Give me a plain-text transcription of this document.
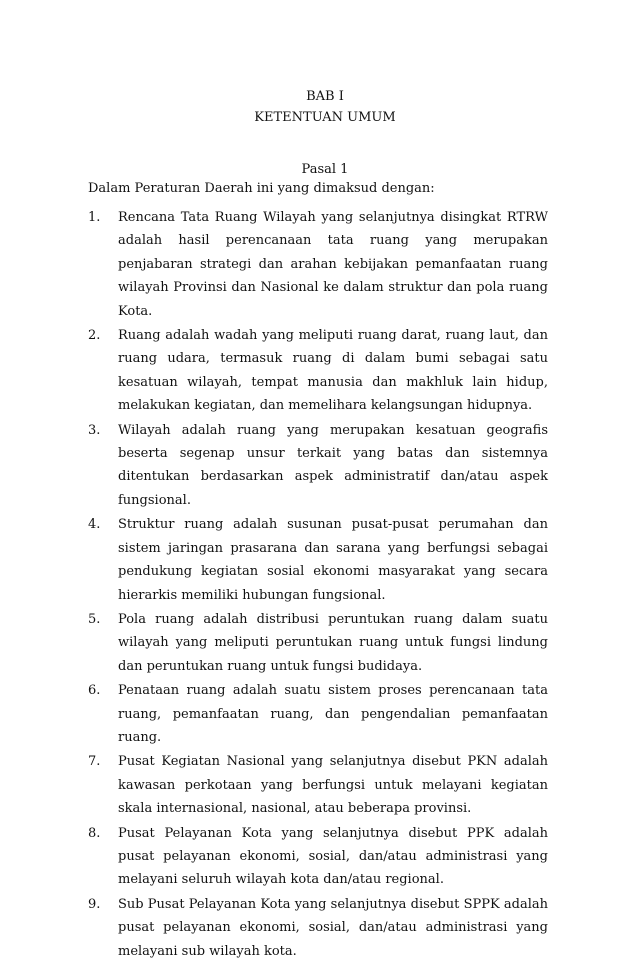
BAB I
KETENTUAN UMUM
Pasal 1
Dalam Peraturan Daerah ini yang dimaksud dengan:
1.	Rencana Tata Ruang Wilayah yang selanjutnya disingkat RTRW adalah hasil perencanaan tata ruang yang merupakan penjabaran strategi dan arahan kebijakan pemanfaatan ruang wilayah Provinsi dan Nasional ke dalam struktur dan pola ruang Kota.
2.	Ruang adalah wadah yang meliputi ruang darat, ruang laut, dan ruang udara, termasuk ruang di dalam bumi sebagai satu kesatuan wilayah, tempat manusia dan makhluk lain hidup, melakukan kegiatan, dan memelihara kelangsungan hidupnya.
3.	Wilayah adalah ruang yang merupakan kesatuan geografis beserta segenap unsur terkait yang batas dan sistemnya ditentukan berdasarkan aspek administratif dan/atau aspek fungsional.
4.	Struktur ruang adalah susunan pusat-pusat perumahan dan sistem jaringan prasarana dan sarana yang berfungsi sebagai pendukung kegiatan sosial ekonomi masyarakat yang secara hierarkis memiliki hubungan fungsional.
5.	Pola ruang adalah distribusi peruntukan ruang dalam suatu wilayah yang meliputi peruntukan ruang untuk fungsi lindung dan peruntukan ruang untuk fungsi budidaya.
6.	Penataan ruang adalah suatu sistem proses perencanaan tata ruang, pemanfaatan ruang, dan pengendalian pemanfaatan ruang.
7.	Pusat Kegiatan Nasional yang selanjutnya disebut PKN adalah kawasan perkotaan yang berfungsi untuk melayani kegiatan skala internasional, nasional, atau beberapa provinsi.
8.	Pusat Pelayanan Kota yang selanjutnya disebut PPK adalah pusat pelayanan ekonomi, sosial, dan/atau administrasi yang melayani seluruh wilayah kota dan/atau regional.
9.	Sub Pusat Pelayanan Kota yang selanjutnya disebut SPPK adalah pusat pelayanan ekonomi, sosial, dan/atau administrasi yang melayani sub wilayah kota.
